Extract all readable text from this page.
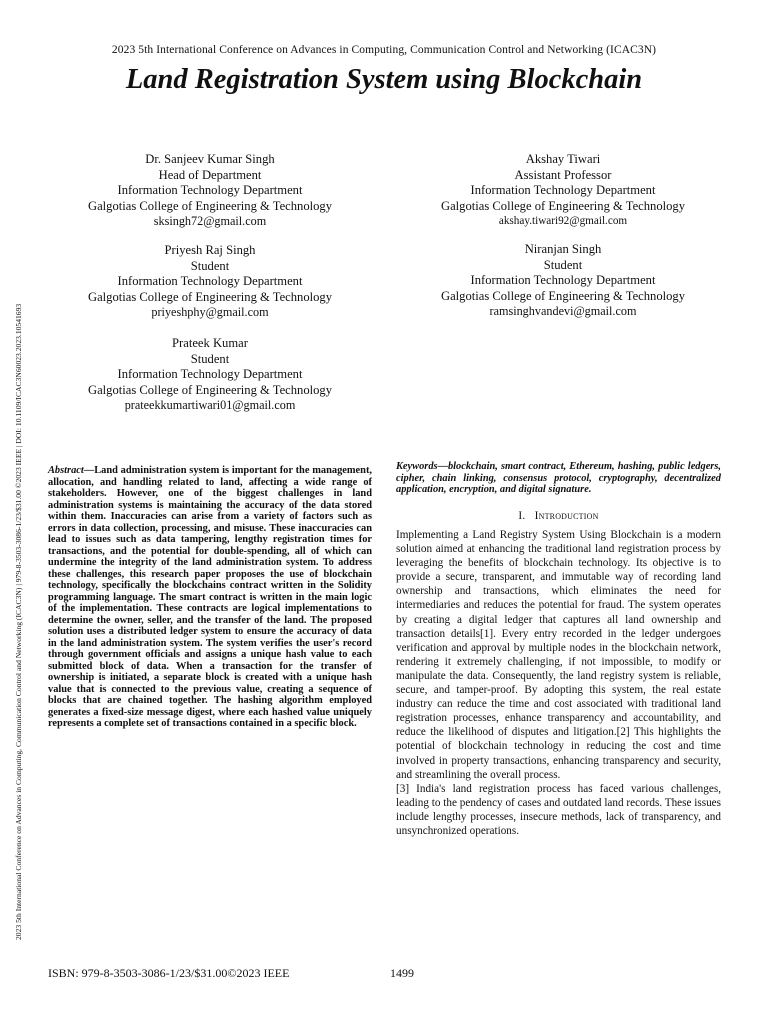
2023 5th International Conference on Advances in Computing, Communication Control and Networking (ICAC3N)
Land Registration System using Blockchain
2023 5th International Conference on Advances in Computing, Communication Control and Networking (ICAC3N) | 979-8-3503-3086-1/23/$31.00 ©2023 IEEE | DOI: 10.1109/ICAC3N60023.2023.10541693
Dr. Sanjeev Kumar Singh
Head of Department
Information Technology Department
Galgotias College of Engineering & Technology
sksingh72@gmail.com
Akshay Tiwari
Assistant Professor
Information Technology Department
Galgotias College of Engineering & Technology
akshay.tiwari92@gmail.com
Priyesh Raj Singh
Student
Information Technology Department
Galgotias College of Engineering & Technology
priyeshphy@gmail.com
Niranjan Singh
Student
Information Technology Department
Galgotias College of Engineering & Technology
ramsinghvandevi@gmail.com
Prateek Kumar
Student
Information Technology Department
Galgotias College of Engineering & Technology
prateekkumartiwari01@gmail.com
Abstract—Land administration system is important for the management, allocation, and handling related to land, affecting a wide range of stakeholders. However, one of the biggest challenges in land administration systems is maintaining the accuracy of the data stored within them. Inaccuracies can arise from a variety of factors such as errors in data collection, processing, and misuse. These inaccuracies can lead to issues such as data tampering, lengthy registration times for transactions, and the potential for double-spending, all of which can undermine the integrity of the land administration system. To address these challenges, this research paper proposes the use of blockchain technology, specifically the blockchains contract written in the Solidity programming language. The smart contract is written in the main logic of the implementation. These contracts are logical implementations to determine the owner, seller, and the transfer of the land. The proposed solution uses a distributed ledger system to ensure the accuracy of data in the land administration system. The system verifies the user's record through government officials and assigns a unique hash value to each submitted block of data. When a transaction for the transfer of ownership is initiated, a separate block is created with a unique hash value that is connected to the previous value, creating a sequence of blocks that are chained together. The hashing algorithm employed generates a fixed-size message digest, where each hashed value uniquely represents a complete set of transactions contained in a specific block.
Keywords—blockchain, smart contract, Ethereum, hashing, public ledgers, cipher, chain linking, consensus protocol, cryptography, decentralized application, encryption, and digital signature.
I. Introduction

Implementing a Land Registry System Using Blockchain is a modern solution aimed at enhancing the traditional land registration process by leveraging the benefits of blockchain technology. Its objective is to provide a secure, transparent, and immutable way of recording land ownership and transactions, which eliminates the need for intermediaries and reduces the potential for fraud. The system operates by creating a digital ledger that captures all land ownership and transaction details[1]. Every entry recorded in the ledger undergoes verification and approval by multiple nodes in the blockchain network, rendering it extremely challenging, if not impossible, to modify or manipulate the data. Consequently, the land registry system is reliable, secure, and tamper-proof. By adopting this system, the real estate industry can reduce the time and cost associated with traditional land registration processes, enhance transparency and accountability, and reduce the likelihood of disputes and litigation.[2] This highlights the potential of blockchain technology in reducing the cost and time involved in property transactions, enhancing transparency and security, and streamlining the overall process.

[3] India's land registration process has faced various challenges, leading to the pendency of cases and outdated land records. These issues include lengthy processes, insecure methods, lack of transparency, and unsynchronized operations.

ISBN: 979-8-3503-3086-1/23/$31.00©2023 IEEE	1499
